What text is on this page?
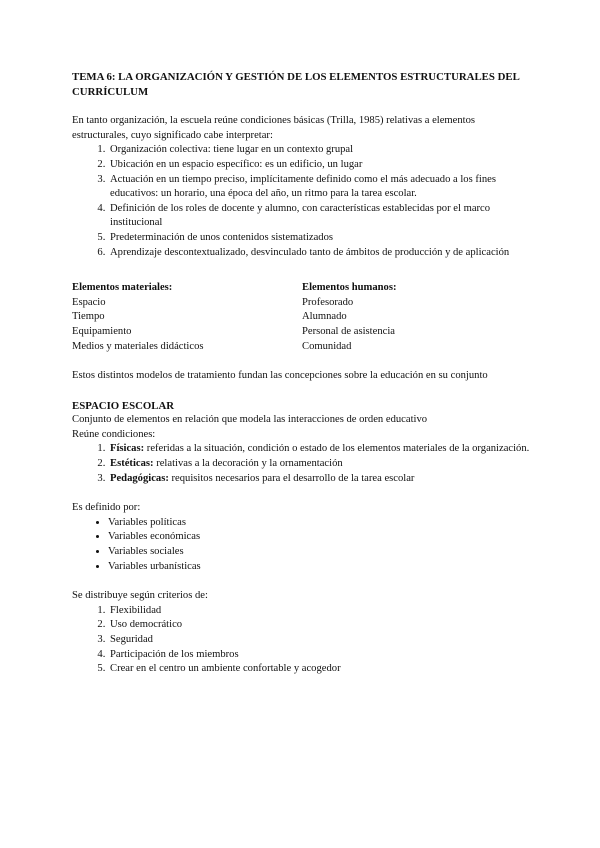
TEMA 6: LA ORGANIZACIÓN Y GESTIÓN DE LOS ELEMENTOS ESTRUCTURALES DEL CURRÍCULUM

En tanto organización, la escuela reúne condiciones básicas (Trilla, 1985) relativas a elementos estructurales, cuyo significado cabe interpretar:

1. Organización colectiva: tiene lugar en un contexto grupal
2. Ubicación en un espacio específico: es un edificio, un lugar
3. Actuación en un tiempo preciso, implícitamente definido como el más adecuado a los fines educativos: un horario, una época del año, un ritmo para la tarea escolar.
4. Definición de los roles de docente y alumno, con características establecidas por el marco institucional
5. Predeterminación de unos contenidos sistematizados
6. Aprendizaje descontextualizado, desvinculado tanto de ámbitos de producción y de aplicación
Elementos materiales:
Espacio
Tiempo
Equipamiento
Medios y materiales didácticos
Elementos humanos:
Profesorado
Alumnado
Personal de asistencia
Comunidad

Estos distintos modelos de tratamiento fundan las concepciones sobre la educación en su conjunto

ESPACIO ESCOLAR

Conjunto de elementos en relación que modela las interacciones de orden educativo

Reúne condiciones:

1. Físicas: referidas a la situación, condición o estado de los elementos materiales de la organización.
2. Estéticas: relativas a la decoración y la ornamentación
3. Pedagógicas: requisitos necesarios para el desarrollo de la tarea escolar

Es definido por:

• Variables políticas
• Variables económicas
• Variables sociales
• Variables urbanísticas

Se distribuye según criterios de:

1. Flexibilidad
2. Uso democrático
3. Seguridad
4. Participación de los miembros
5. Crear en el centro un ambiente confortable y acogedor
